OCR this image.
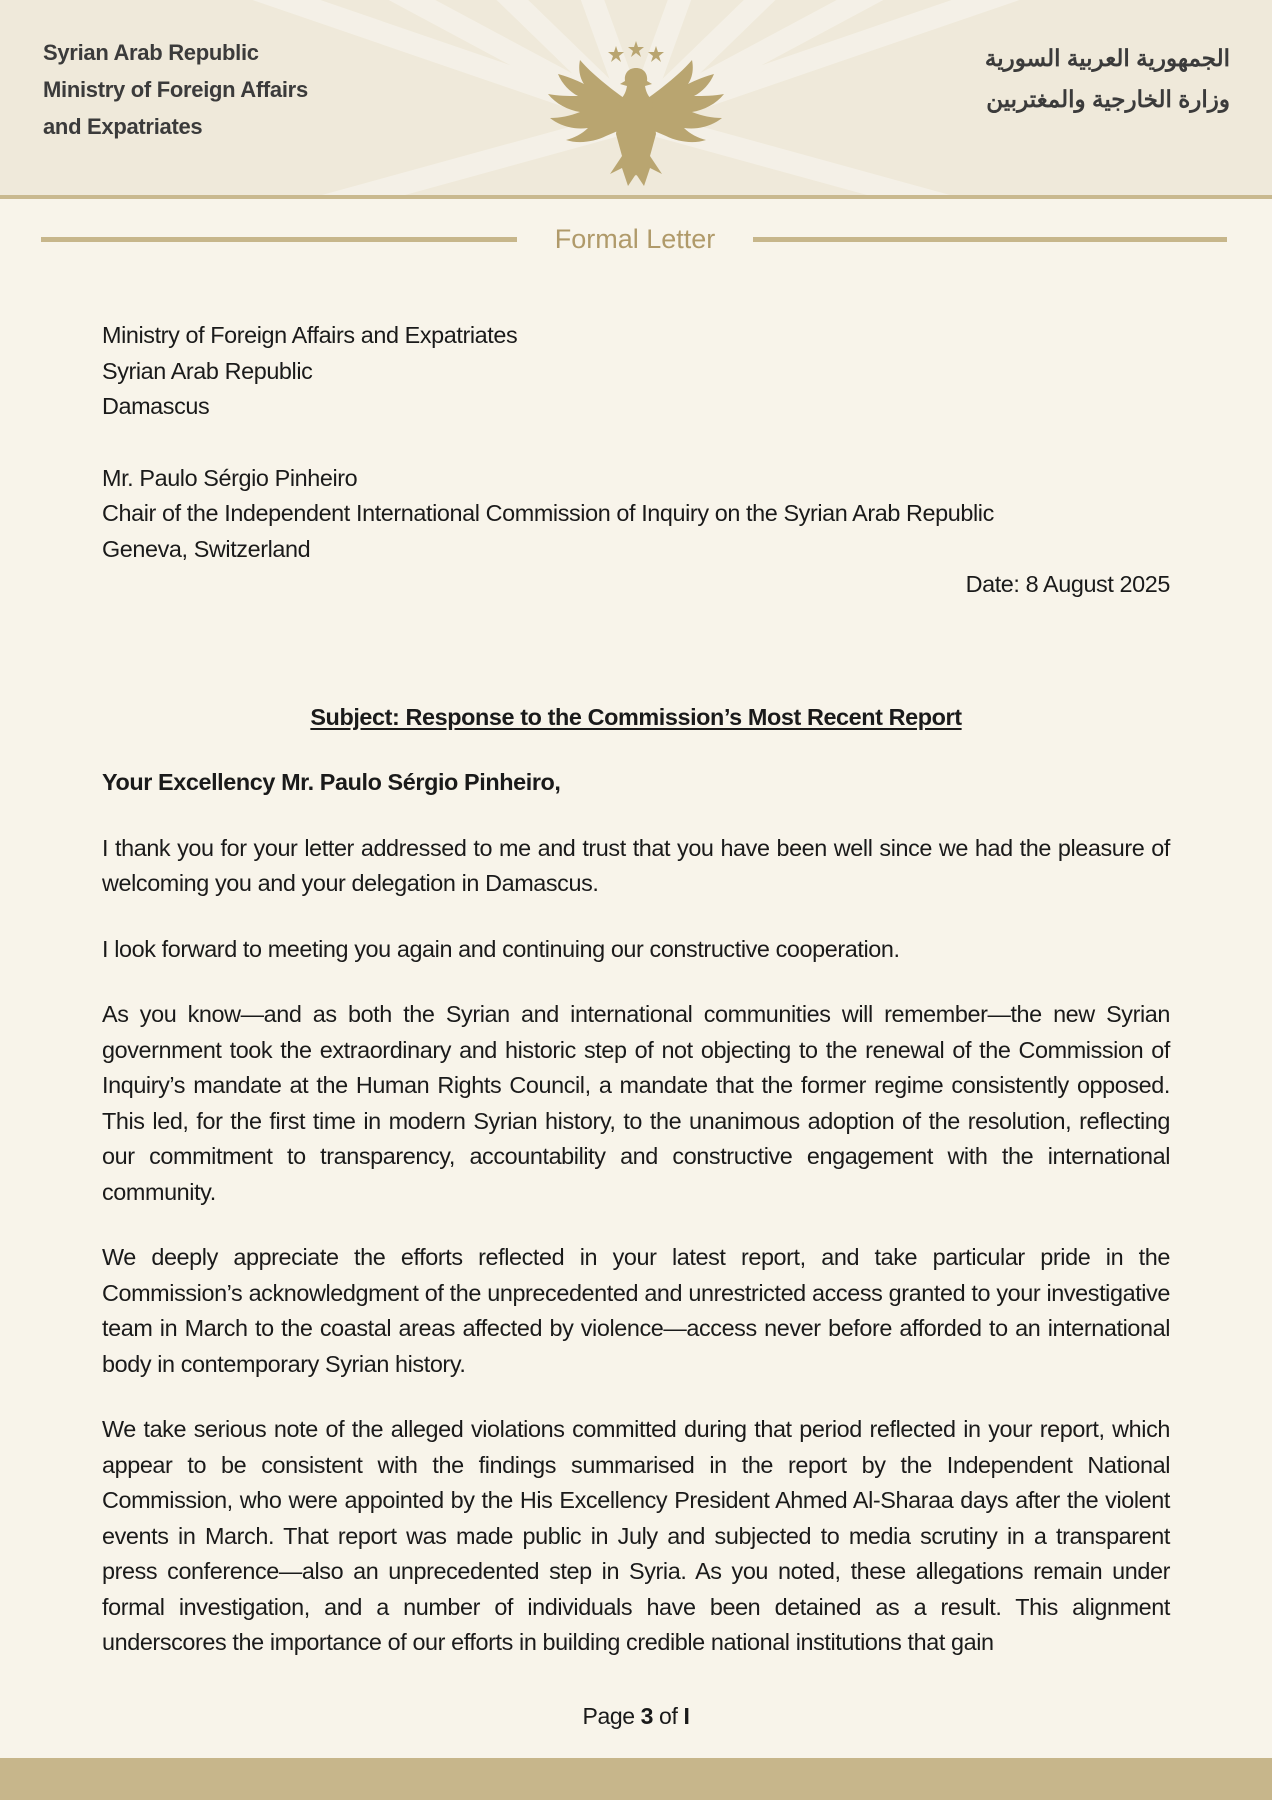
Syrian Arab Republic
Ministry of Foreign Affairs
and Expatriates
الجمهورية العربية السورية
وزارة الخارجية والمغتربين
Formal Letter
Ministry of Foreign Affairs and Expatriates
Syrian Arab Republic
Damascus
Mr. Paulo Sérgio Pinheiro
Chair of the Independent International Commission of Inquiry on the Syrian Arab Republic
Geneva, Switzerland
Date: 8 August 2025
Subject: Response to the Commission’s Most Recent Report
Your Excellency Mr. Paulo Sérgio Pinheiro,
I thank you for your letter addressed to me and trust that you have been well since we had the pleasure of welcoming you and your delegation in Damascus.
I look forward to meeting you again and continuing our constructive cooperation.
As you know—and as both the Syrian and international communities will remember—the new Syrian government took the extraordinary and historic step of not objecting to the renewal of the Commission of Inquiry’s mandate at the Human Rights Council, a mandate that the former regime consistently opposed. This led, for the first time in modern Syrian history, to the unanimous adoption of the resolution, reflecting our commitment to transparency, accountability and constructive engagement with the international community.
We deeply appreciate the efforts reflected in your latest report, and take particular pride in the Commission’s acknowledgment of the unprecedented and unrestricted access granted to your investigative team in March to the coastal areas affected by violence—access never before afforded to an international body in contemporary Syrian history.
We take serious note of the alleged violations committed during that period reflected in your report, which appear to be consistent with the findings summarised in the report by the Independent National Commission, who were appointed by the His Excellency President Ahmed Al-Sharaa days after the violent events in March. That report was made public in July and subjected to media scrutiny in a transparent press conference—also an unprecedented step in Syria. As you noted, these allegations remain under formal investigation, and a number of individuals have been detained as a result. This alignment underscores the importance of our efforts in building credible national institutions that gain
Page 3 of I
